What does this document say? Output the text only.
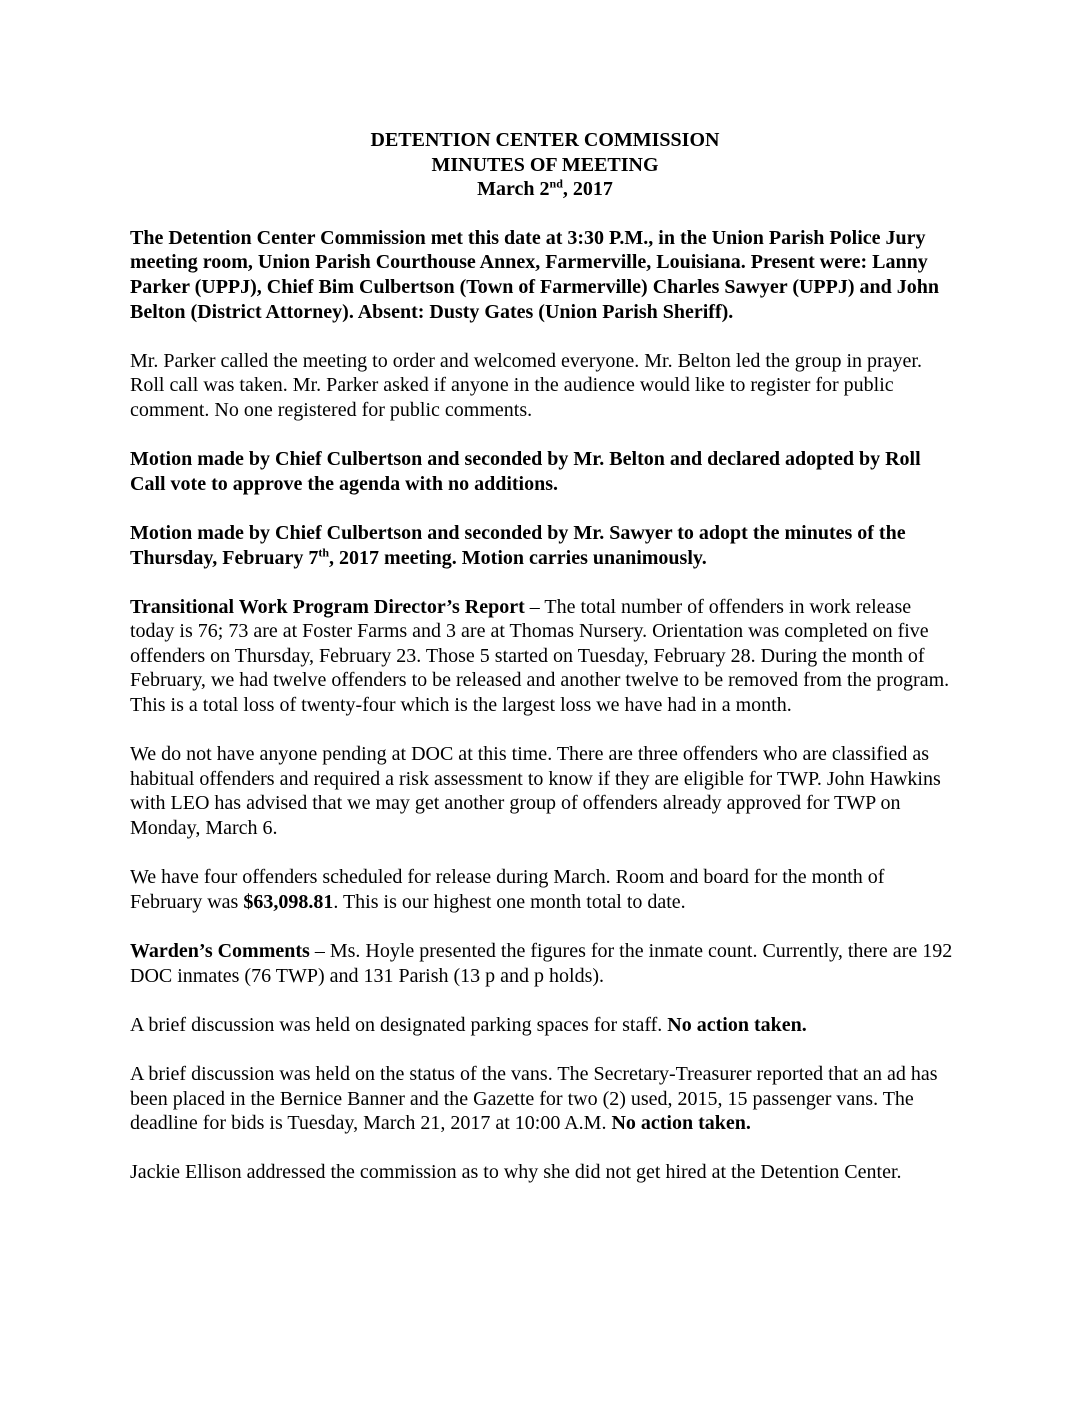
DETENTION CENTER COMMISSION
MINUTES OF MEETING
March 2nd, 2017

The Detention Center Commission met this date at 3:30 P.M., in the Union Parish Police Jury meeting room, Union Parish Courthouse Annex, Farmerville, Louisiana. Present were: Lanny Parker (UPPJ), Chief Bim Culbertson (Town of Farmerville) Charles Sawyer (UPPJ) and John Belton (District Attorney). Absent: Dusty Gates (Union Parish Sheriff).

Mr. Parker called the meeting to order and welcomed everyone. Mr. Belton led the group in prayer. Roll call was taken. Mr. Parker asked if anyone in the audience would like to register for public comment. No one registered for public comments.

Motion made by Chief Culbertson and seconded by Mr. Belton and declared adopted by Roll Call vote to approve the agenda with no additions.

Motion made by Chief Culbertson and seconded by Mr. Sawyer to adopt the minutes of the Thursday, February 7th, 2017 meeting. Motion carries unanimously.

Transitional Work Program Director’s Report – The total number of offenders in work release today is 76; 73 are at Foster Farms and 3 are at Thomas Nursery. Orientation was completed on five offenders on Thursday, February 23. Those 5 started on Tuesday, February 28. During the month of February, we had twelve offenders to be released and another twelve to be removed from the program. This is a total loss of twenty-four which is the largest loss we have had in a month.

We do not have anyone pending at DOC at this time. There are three offenders who are classified as habitual offenders and required a risk assessment to know if they are eligible for TWP. John Hawkins with LEO has advised that we may get another group of offenders already approved for TWP on Monday, March 6.

We have four offenders scheduled for release during March. Room and board for the month of February was $63,098.81. This is our highest one month total to date.

Warden’s Comments – Ms. Hoyle presented the figures for the inmate count. Currently, there are 192 DOC inmates (76 TWP) and 131 Parish (13 p and p holds).

A brief discussion was held on designated parking spaces for staff. No action taken.

A brief discussion was held on the status of the vans. The Secretary-Treasurer reported that an ad has been placed in the Bernice Banner and the Gazette for two (2) used, 2015, 15 passenger vans. The deadline for bids is Tuesday, March 21, 2017 at 10:00 A.M. No action taken.

Jackie Ellison addressed the commission as to why she did not get hired at the Detention Center.
